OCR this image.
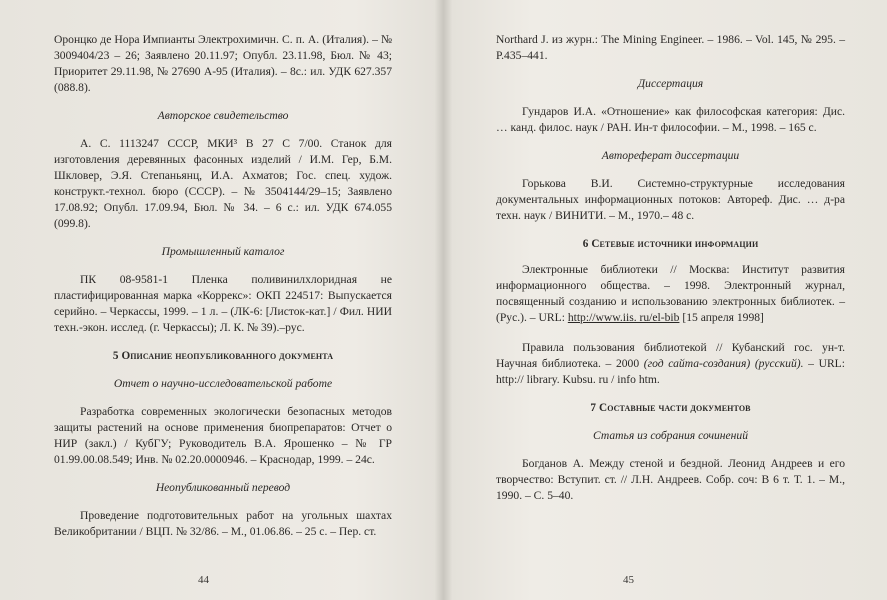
Оронцко де Нора Импианты Электрохимичн. С. п. А. (Италия). – № 3009404/23 – 26; Заявлено 20.11.97; Опубл. 23.11.98, Бюл. № 43; Приоритет 29.11.98, № 27690 А-95 (Италия). – 8с.: ил. УДК 627.357 (088.8).

Авторское свидетельство

А. С. 1113247 СССР, МКИ³ В 27 С 7/00. Станок для изготовления деревянных фасонных изделий / И.М. Гер, Б.М. Шкловер, Э.Я. Степаньянц, И.А. Ахматов; Гос. спец. худож. конструкт.-технол. бюро (СССР). – № 3504144/29–15; Заявлено 17.08.92; Опубл. 17.09.94, Бюл. № 34. – 6 с.: ил. УДК 674.055 (099.8).

Промышленный каталог

ПК 08-9581-1 Пленка поливинилхлоридная не пластифицированная марка «Коррекс»: ОКП 224517: Выпускается серийно. – Черкассы, 1999. – 1 л. – (ЛК-6: [Листок-кат.] / Фил. НИИ техн.-экон. исслед. (г. Черкассы); Л. К. № 39).–рус.

5 Описание неопубликованного документа
Отчет о научно-исследовательской работе

Разработка современных экологически безопасных методов защиты растений на основе применения биопрепаратов: Отчет о НИР (закл.) / КубГУ; Руководитель В.А. Ярошенко – № ГР 01.99.00.08.549; Инв. № 02.20.0000946. – Краснодар, 1999. – 24с.

Неопубликованный перевод

Проведение подготовительных работ на угольных шахтах Великобритании / ВЦП. № 32/86. – М., 01.06.86. – 25 с. – Пер. ст.

44

Northard J. из журн.: The Mining Engineer. – 1986. – Vol. 145, № 295. – P.435–441.

Диссертация

Гундаров И.А. «Отношение» как философская категория: Дис. … канд. филос. наук / РАН. Ин-т философии. – М., 1998. – 165 с.

Автореферат диссертации

Горькова В.И. Системно-структурные исследования документальных информационных потоков: Автореф. Дис. … д-ра техн. наук / ВИНИТИ. – М., 1970.– 48 с.

6 Сетевые источники информации

Электронные библиотеки // Москва: Институт развития информационного общества. – 1998. Электронный журнал, посвященный созданию и использованию электронных библиотек. – (Рус.). – URL: http://www.iis. ru/el-bib [15 апреля 1998]

Правила пользования библиотекой // Кубанский гос. ун-т. Научная библиотека. – 2000 (год сайта-создания) (русский). – URL: http:// library. Kubsu. ru / info htm.

7 Составные части документов
Статья из собрания сочинений

Богданов А. Между стеной и бездной. Леонид Андреев и его творчество: Вступит. ст. // Л.Н. Андреев. Собр. соч: В 6 т. Т. 1. – М., 1990. – С. 5–40.

45
